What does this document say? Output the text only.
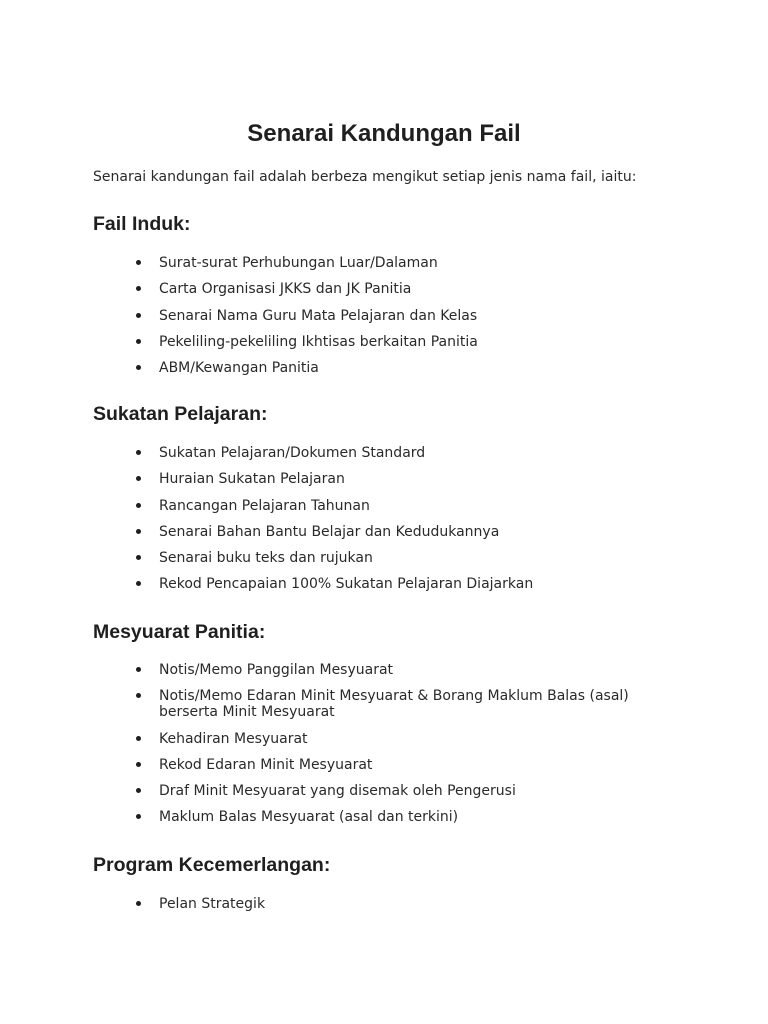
Senarai Kandungan Fail

Senarai kandungan fail adalah berbeza mengikut setiap jenis nama fail, iaitu:

Fail Induk:
Surat-surat Perhubungan Luar/Dalaman
Carta Organisasi JKKS dan JK Panitia
Senarai Nama Guru Mata Pelajaran dan Kelas
Pekeliling-pekeliling Ikhtisas berkaitan Panitia
ABM/Kewangan Panitia
Sukatan Pelajaran:
Sukatan Pelajaran/Dokumen Standard
Huraian Sukatan Pelajaran
Rancangan Pelajaran Tahunan
Senarai Bahan Bantu Belajar dan Kedudukannya
Senarai buku teks dan rujukan
Rekod Pencapaian 100% Sukatan Pelajaran Diajarkan
Mesyuarat Panitia:
Notis/Memo Panggilan Mesyuarat
Notis/Memo Edaran Minit Mesyuarat & Borang Maklum Balas (asal) berserta Minit Mesyuarat
Kehadiran Mesyuarat
Rekod Edaran Minit Mesyuarat
Draf Minit Mesyuarat yang disemak oleh Pengerusi
Maklum Balas Mesyuarat (asal dan terkini)
Program Kecemerlangan:
Pelan Strategik
